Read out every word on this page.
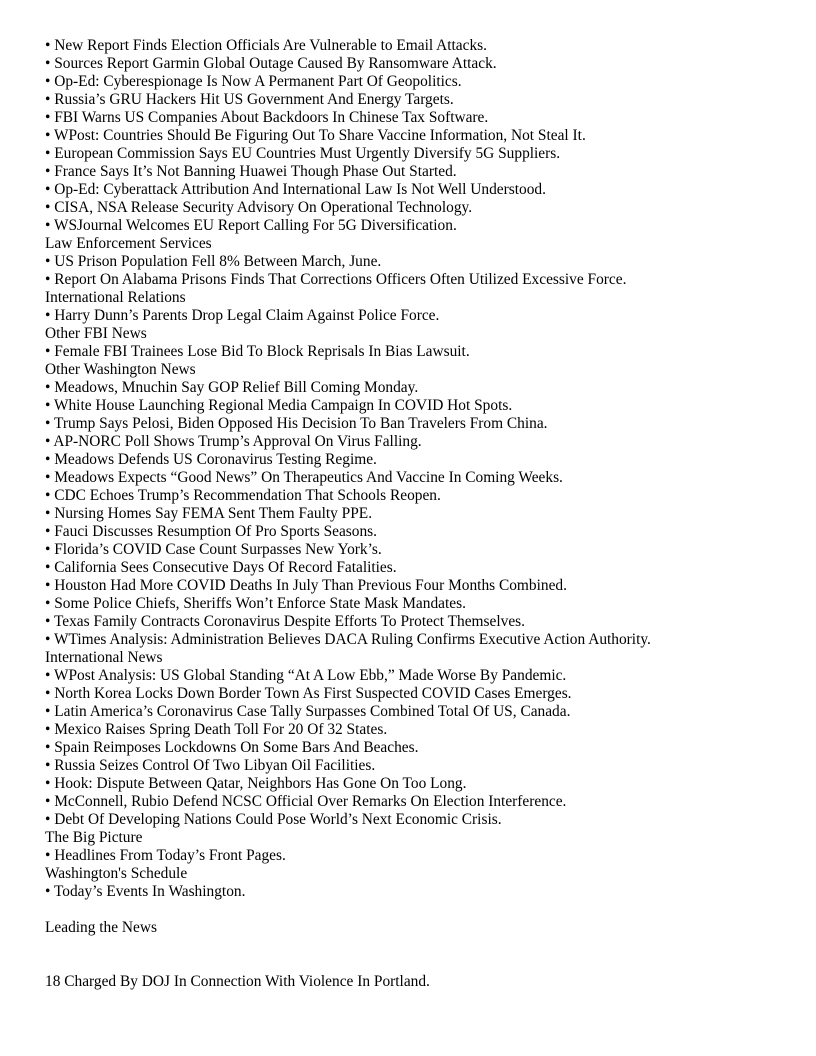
• New Report Finds Election Officials Are Vulnerable to Email Attacks.
• Sources Report Garmin Global Outage Caused By Ransomware Attack.
• Op-Ed: Cyberespionage Is Now A Permanent Part Of Geopolitics.
• Russia’s GRU Hackers Hit US Government And Energy Targets.
• FBI Warns US Companies About Backdoors In Chinese Tax Software.
• WPost: Countries Should Be Figuring Out To Share Vaccine Information, Not Steal It.
• European Commission Says EU Countries Must Urgently Diversify 5G Suppliers.
• France Says It’s Not Banning Huawei Though Phase Out Started.
• Op-Ed: Cyberattack Attribution And International Law Is Not Well Understood.
• CISA, NSA Release Security Advisory On Operational Technology.
• WSJournal Welcomes EU Report Calling For 5G Diversification.
Law Enforcement Services
• US Prison Population Fell 8% Between March, June.
• Report On Alabama Prisons Finds That Corrections Officers Often Utilized Excessive Force.
International Relations
• Harry Dunn’s Parents Drop Legal Claim Against Police Force.
Other FBI News
• Female FBI Trainees Lose Bid To Block Reprisals In Bias Lawsuit.
Other Washington News
• Meadows, Mnuchin Say GOP Relief Bill Coming Monday.
• White House Launching Regional Media Campaign In COVID Hot Spots.
• Trump Says Pelosi, Biden Opposed His Decision To Ban Travelers From China.
• AP-NORC Poll Shows Trump’s Approval On Virus Falling.
• Meadows Defends US Coronavirus Testing Regime.
• Meadows Expects “Good News” On Therapeutics And Vaccine In Coming Weeks.
• CDC Echoes Trump’s Recommendation That Schools Reopen.
• Nursing Homes Say FEMA Sent Them Faulty PPE.
• Fauci Discusses Resumption Of Pro Sports Seasons.
• Florida’s COVID Case Count Surpasses New York’s.
• California Sees Consecutive Days Of Record Fatalities.
• Houston Had More COVID Deaths In July Than Previous Four Months Combined.
• Some Police Chiefs, Sheriffs Won’t Enforce State Mask Mandates.
• Texas Family Contracts Coronavirus Despite Efforts To Protect Themselves.
• WTimes Analysis: Administration Believes DACA Ruling Confirms Executive Action Authority.
International News
• WPost Analysis: US Global Standing “At A Low Ebb,” Made Worse By Pandemic.
• North Korea Locks Down Border Town As First Suspected COVID Cases Emerges.
• Latin America’s Coronavirus Case Tally Surpasses Combined Total Of US, Canada.
• Mexico Raises Spring Death Toll For 20 Of 32 States.
• Spain Reimposes Lockdowns On Some Bars And Beaches.
• Russia Seizes Control Of Two Libyan Oil Facilities.
• Hook: Dispute Between Qatar, Neighbors Has Gone On Too Long.
• McConnell, Rubio Defend NCSC Official Over Remarks On Election Interference.
• Debt Of Developing Nations Could Pose World’s Next Economic Crisis.
The Big Picture
• Headlines From Today’s Front Pages.
Washington's Schedule
• Today’s Events In Washington.
Leading the News
18 Charged By DOJ In Connection With Violence In Portland.
